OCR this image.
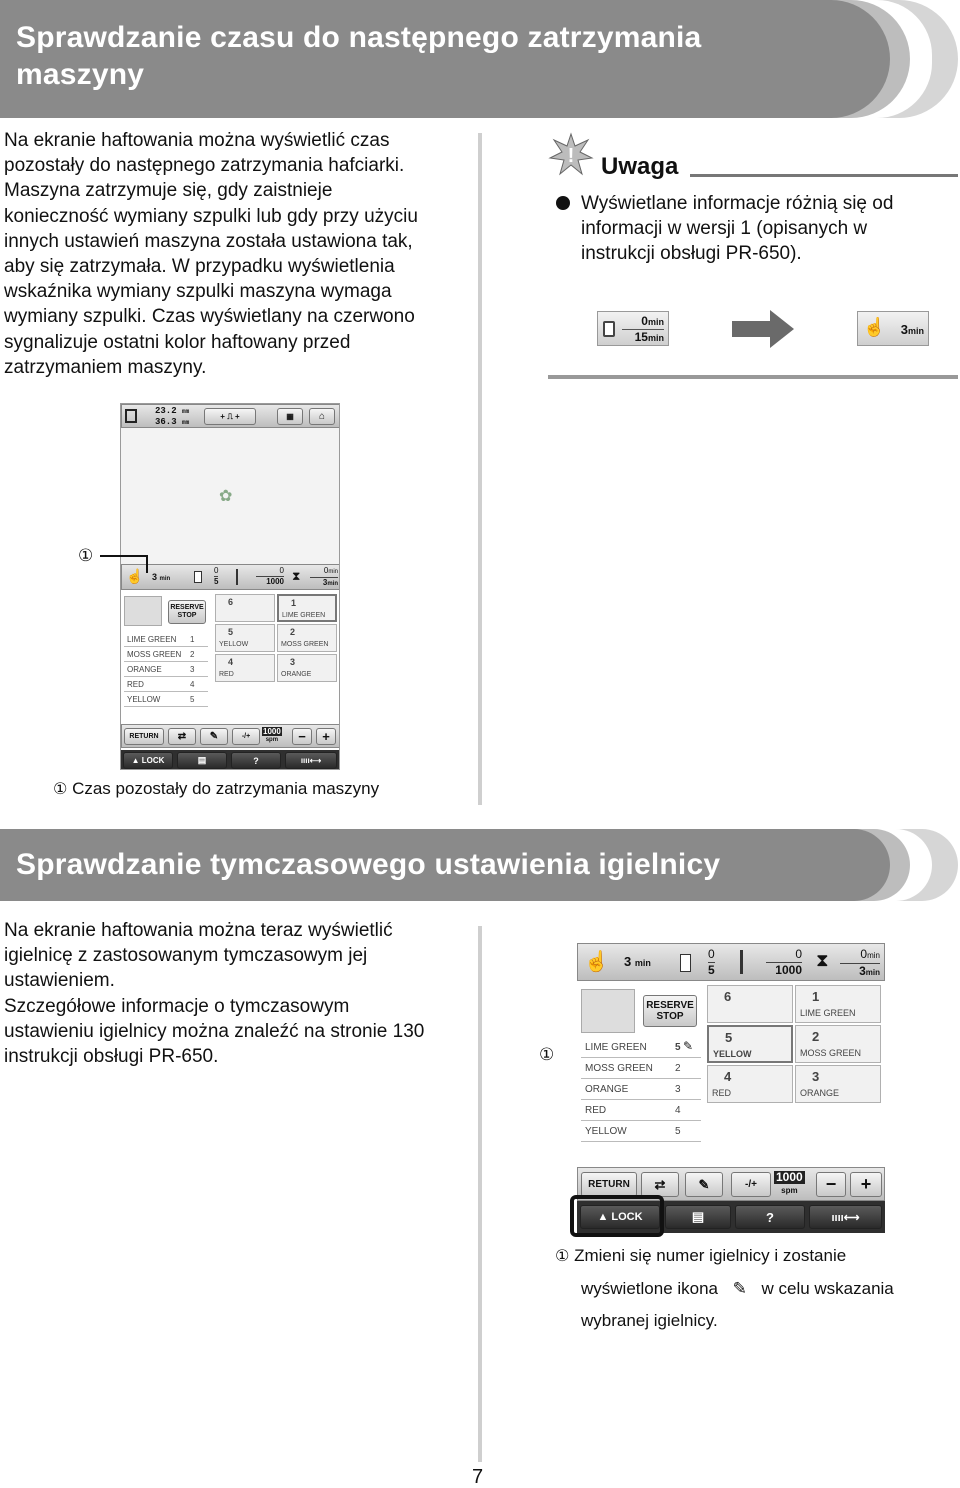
Sprawdzanie czasu do następnego zatrzymania
maszyny
Na ekranie haftowania można wyświetlić czas
pozostały do następnego zatrzymania hafciarki.
Maszyna zatrzymuje się, gdy zaistnieje
konieczność wymiany szpulki lub gdy przy użyciu
innych ustawień maszyna została ustawiona tak,
aby się zatrzymała. W przypadku wyświetlenia
wskaźnika wymiany szpulki maszyna wymaga
wymiany szpulki. Czas wyświetlany na czerwono
sygnalizuje ostatni kolor haftowany przed
zatrzymaniem maszyny.
! Uwaga
Wyświetlane informacje różnią się od
informacji w wersji 1 (opisanych w
instrukcji obsługi PR-650).
0min
15min
☝ 3min
23.2 mm
36.3 mm
+ ⎍ +	▦	⌂
✿
☝ 3 min
0
5
0
1000 ⧗	0min
3min
RESERVE
STOP
LIME GREEN 1
MOSS GREEN 2
ORANGE	3
RED	4
YELLOW	5
6	1
LIME GREEN
5
YELLOW
2
MOSS GREEN
4
RED
3
ORANGE
RETURN	⇄	✎	-/+
1000
spm	−	+
▲
LOCK	▤	?	ıııı⟷
①
① Czas pozostały do zatrzymania maszyny
Sprawdzanie tymczasowego ustawienia igielnicy
Na ekranie haftowania można teraz wyświetlić
igielnicę z zastosowanym tymczasowym jej
ustawieniem.
Szczegółowe informacje o tymczasowym
ustawieniu igielnicy można znaleźć na stronie 130
instrukcji obsługi PR-650.
☝ 3 min
0
5
0
1000 ⧗	0min
3min
RESERVE
STOP
LIME GREEN	5
MOSS GREEN 2
ORANGE	3
RED	4
YELLOW	5
✎
6	1
LIME GREEN
5
YELLOW
2
MOSS GREEN
4
RED
3
ORANGE
RETURN	⇄	✎	-/+
1000
spm	−	+
▲
LOCK	▤	?	ıııı⟷
①
① Zmieni się numer igielnicy i zostanie
wyświetlone ikona ✎ w celu wskazania
wybranej igielnicy.
7
